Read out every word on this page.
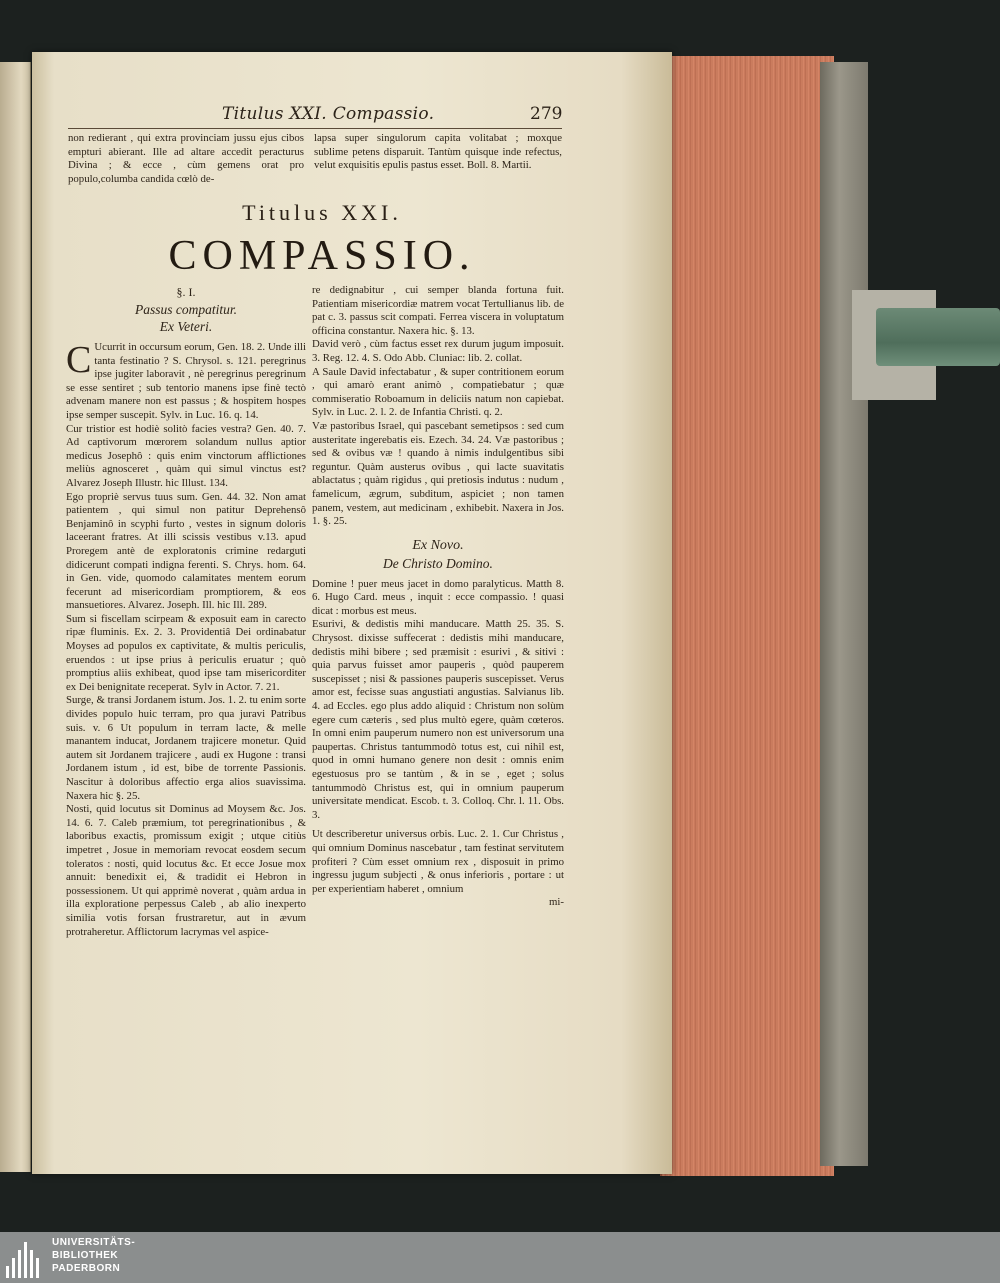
Titulus XXI. Compassio.	279

non redierant , qui extra provinciam jussu ejus cibos empturi abierant. Ille ad altare accedit peracturus Divina ; & ecce , cùm gemens orat pro populo,columba candida cœlò de-

lapsa super singulorum capita volitabat ; moxque sublime petens disparuit. Tantùm quisque inde refectus, velut exquisitis epulis pastus esset. Boll. 8. Martii.

Titulus XXI.
COMPASSIO.

§. I.

Passus compatitur.

Ex Veteri.

C Ucurrit in occursum eorum, Gen. 18. 2. Unde illi tanta festinatio ? S. Chrysol. s. 121. peregrinus ipse jugiter laboravit , nè peregrinus peregrinum se esse sentiret ; sub tentorio manens ipse finè tectò advenam manere non est passus ; & hospitem hospes ipse semper suscepit. Sylv. in Luc. 16. q. 14.

Cur tristior est hodiè solitò facies vestra? Gen. 40. 7. Ad captivorum mœrorem solandum nullus aptior medicus Josephô : quis enim vinctorum afflictiones meliùs agnosceret , quàm qui simul vinctus est? Alvarez Joseph Illustr. hic Illust. 134.

Ego propriè servus tuus sum. Gen. 44. 32. Non amat patientem , qui simul non patitur Deprehensô Benjaminô in scyphi furto , vestes in signum doloris laceerant fratres. At illi scissis vestibus v.13. apud Proregem antè de exploratonis crimine redarguti didicerunt compati indigna ferenti. S. Chrys. hom. 64. in Gen. vide, quomodo calamitates mentem eorum fecerunt ad misericordiam promptiorem, & eos mansuetiores. Alvarez. Joseph. Ill. hic Ill. 289.

Sum si fiscellam scirpeam & exposuit eam in carecto ripæ fluminis. Ex. 2. 3. Providentiâ Dei ordinabatur Moyses ad populos ex captivitate, & multis periculis, eruendos : ut ipse prius à periculis eruatur ; quò promptius aliis exhibeat, quod ipse tam misericorditer ex Dei benignitate receperat. Sylv in Actor. 7. 21.

Surge, & transi Jordanem istum. Jos. 1. 2. tu enim sorte divides populo huic terram, pro qua juravi Patribus suis. v. 6 Ut populum in terram lacte, & melle manantem inducat, Jordanem trajicere monetur. Quid autem sit Jordanem trajicere , audi ex Hugone : transi Jordanem istum , id est, bibe de torrente Passionis. Nascitur à doloribus affectio erga alios suavissima. Naxera hic §. 25.

Nosti, quid locutus sit Dominus ad Moysem &c. Jos. 14. 6. 7. Caleb præmium, tot peregrinationibus , & laboribus exactis, promissum exigit ; utque citiùs impetret , Josue in memoriam revocat eosdem secum toleratos : nosti, quid locutus &c. Et ecce Josue mox annuit: benedixit ei, & tradidit ei Hebron in possessionem. Ut qui apprimè noverat , quàm ardua in illa exploratione perpessus Caleb , ab alio inexperto similia votis forsan frustraretur, aut in ævum protraheretur. Afflictorum lacrymas vel aspice-

re dedignabitur , cui semper blanda fortuna fuit. Patientiam misericordiæ matrem vocat Tertullianus lib. de pat c. 3. passus scit compati. Ferrea viscera in voluptatum officina constantur. Naxera hic. §. 13.

David verò , cùm factus esset rex durum jugum imposuit. 3. Reg. 12. 4. S. Odo Abb. Cluniac: lib. 2. collat.

A Saule David infectabatur , & super contritionem eorum , qui amarò erant animò , compatiebatur ; quæ commiseratio Roboamum in deliciis natum non capiebat. Sylv. in Luc. 2. l. 2. de Infantia Christi. q. 2.

Væ pastoribus Israel, qui pascebant semetipsos : sed cum austeritate ingerebatis eis. Ezech. 34. 24. Væ pastoribus ; sed & ovibus væ ! quando à nimis indulgentibus sibi reguntur. Quàm austerus ovibus , qui lacte suavitatis ablactatus ; quàm rigidus , qui pretiosis indutus : nudum , famelicum, ægrum, subditum, aspiciet ; non tamen panem, vestem, aut medicinam , exhibebit. Naxera in Jos. 1. §. 25.

Ex Novo.

De Christo Domino.

Domine ! puer meus jacet in domo paralyticus. Matth 8. 6. Hugo Card. meus , inquit : ecce compassio. ! quasi dicat : morbus est meus.

Esurivi, & dedistis mihi manducare. Matth 25. 35. S. Chrysost. dixisse suffecerat : dedistis mihi manducare, dedistis mihi bibere ; sed præmisit : esurivi , & sitivi : quia parvus fuisset amor pauperis , quòd pauperem suscepisset ; nisi & passiones pauperis suscepisset. Verus amor est, fecisse suas angustiati angustias. Salvianus lib. 4. ad Eccles. ego plus addo aliquid : Christum non solùm egere cum cæteris , sed plus multò egere, quàm cœteros. In omni enim pauperum numero non est universorum una paupertas. Christus tantummodò totus est, cui nihil est, quod in omni humano genere non desit : omnis enim egestuosus pro se tantùm , & in se , eget ; solus tantummodò Christus est, qui in omnium pauperum universitate mendicat. Escob. t. 3. Colloq. Chr. l. 11. Obs. 3.

Ut describeretur universus orbis. Luc. 2. 1. Cur Christus , qui omnium Dominus nascebatur , tam festinat servitutem profiteri ? Cùm esset omnium rex , disposuit in primo ingressu jugum subjecti , & onus inferioris , portare : ut per experientiam haberet , omnium

mi-

UNIVERSITÄTS-
BIBLIOTHEK
PADERBORN
